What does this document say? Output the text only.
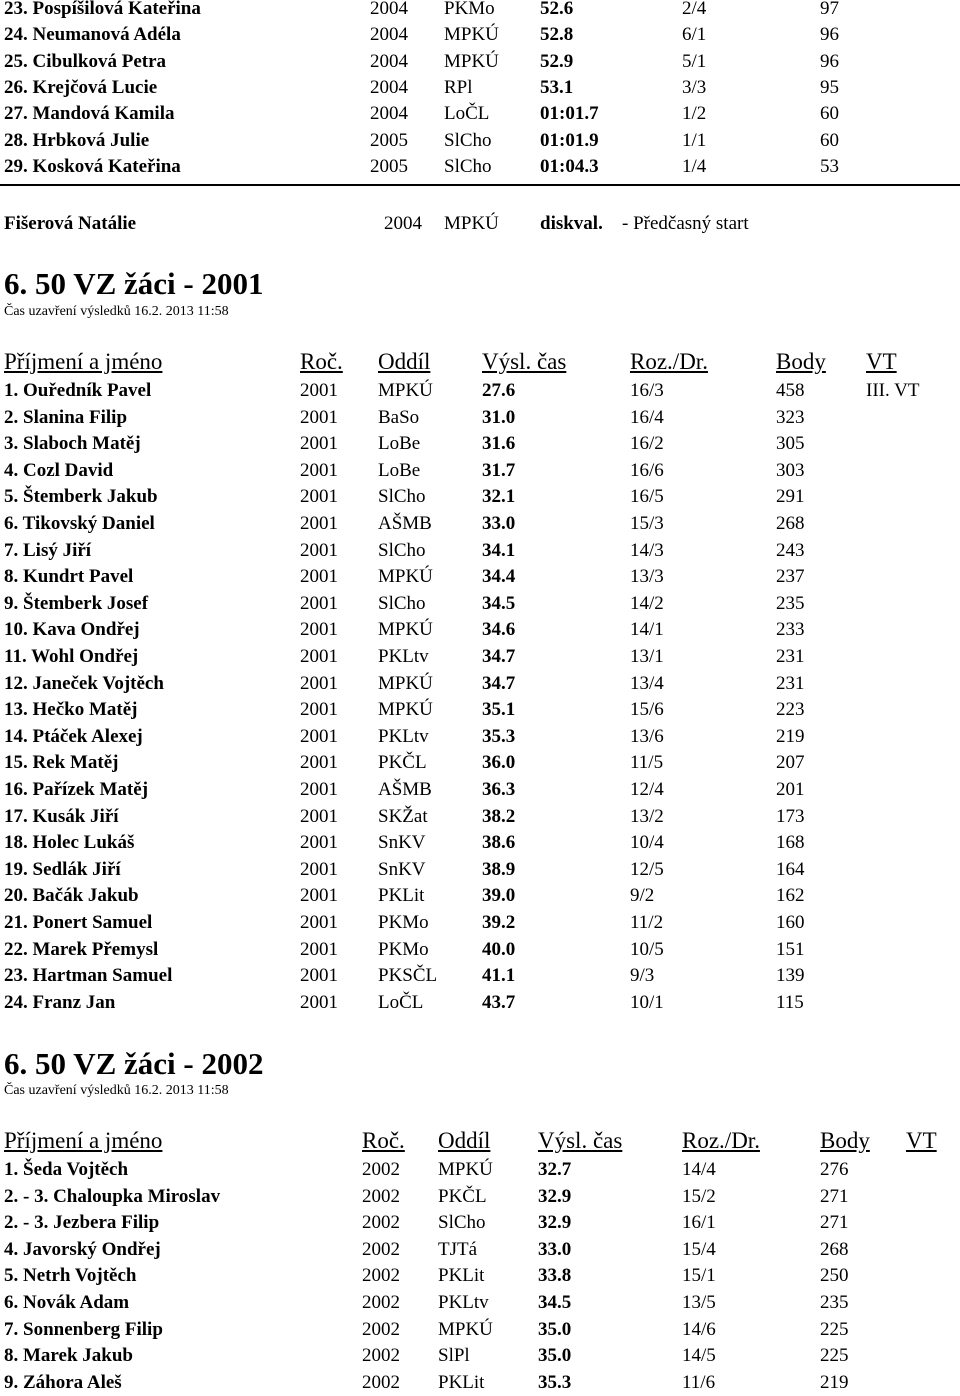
23. Pospíšilová Kateřina	2004 PKMo 52.6	2/4	97
24. Neumanová Adéla	2004 MPKÚ 52.8	6/1	96
25. Cibulková Petra	2004 MPKÚ 52.9	5/1	96
26. Krejčová Lucie	2004 RPl	53.1	3/3	95
27. Mandová Kamila	2004 LoČL	01:01.7	1/2	60
28. Hrbková Julie	2005 SlCho	01:01.9	1/1	60
29. Kosková Kateřina	2005 SlCho	01:04.3	1/4	53
Fišerová Natálie	2004 MPKÚ diskval. - Předčasný start
6. 50 VZ žáci - 2001
Čas uzavření výsledků 16.2. 2013 11:58
Příjmení a jméno	Roč. Oddíl Výsl. čas	Roz./Dr.	Body VT
1. Ouředník Pavel	2001 MPKÚ	27.6	16/3	458	III. VT
2. Slanina Filip	2001 BaSo	31.0	16/4	323
3. Slaboch Matěj	2001 LoBe	31.6	16/2	305
4. Cozl David	2001 LoBe	31.7	16/6	303
5. Štemberk Jakub	2001 SlCho	32.1	16/5	291
6. Tikovský Daniel	2001 AŠMB	33.0	15/3	268
7. Lisý Jiří	2001 SlCho	34.1	14/3	243
8. Kundrt Pavel	2001 MPKÚ	34.4	13/3	237
9. Štemberk Josef	2001 SlCho	34.5	14/2	235
10. Kava Ondřej	2001 MPKÚ	34.6	14/1	233
11. Wohl Ondřej	2001 PKLtv	34.7	13/1	231
12. Janeček Vojtěch	2001 MPKÚ	34.7	13/4	231
13. Hečko Matěj	2001 MPKÚ	35.1	15/6	223
14. Ptáček Alexej	2001 PKLtv	35.3	13/6	219
15. Rek Matěj	2001 PKČL	36.0	11/5	207
16. Pařízek Matěj	2001 AŠMB	36.3	12/4	201
17. Kusák Jiří	2001 SKŽat	38.2	13/2	173
18. Holec Lukáš	2001 SnKV	38.6	10/4	168
19. Sedlák Jiří	2001 SnKV	38.9	12/5	164
20. Bačák Jakub	2001 PKLit	39.0	9/2	162
21. Ponert Samuel	2001 PKMo	39.2	11/2	160
22. Marek Přemysl	2001 PKMo	40.0	10/5	151
23. Hartman Samuel	2001 PKSČL 41.1	9/3	139
24. Franz Jan	2001 LoČL	43.7	10/1	115
6. 50 VZ žáci - 2002
Čas uzavření výsledků 16.2. 2013 11:58
Příjmení a jméno	Roč. Oddíl Výsl. čas	Roz./Dr.	Body VT
1. Šeda Vojtěch	2002 MPKÚ 32.7	14/4	276
2. - 3. Chaloupka Miroslav	2002 PKČL	32.9	15/2	271
2. - 3. Jezbera Filip	2002 SlCho	32.9	16/1	271
4. Javorský Ondřej	2002 TJTá	33.0	15/4	268
5. Netrh Vojtěch	2002 PKLit	33.8	15/1	250
6. Novák Adam	2002 PKLtv	34.5	13/5	235
7. Sonnenberg Filip	2002 MPKÚ 35.0	14/6	225
8. Marek Jakub	2002 SlPl	35.0	14/5	225
9. Záhora Aleš	2002 PKLit	35.3	11/6	219
